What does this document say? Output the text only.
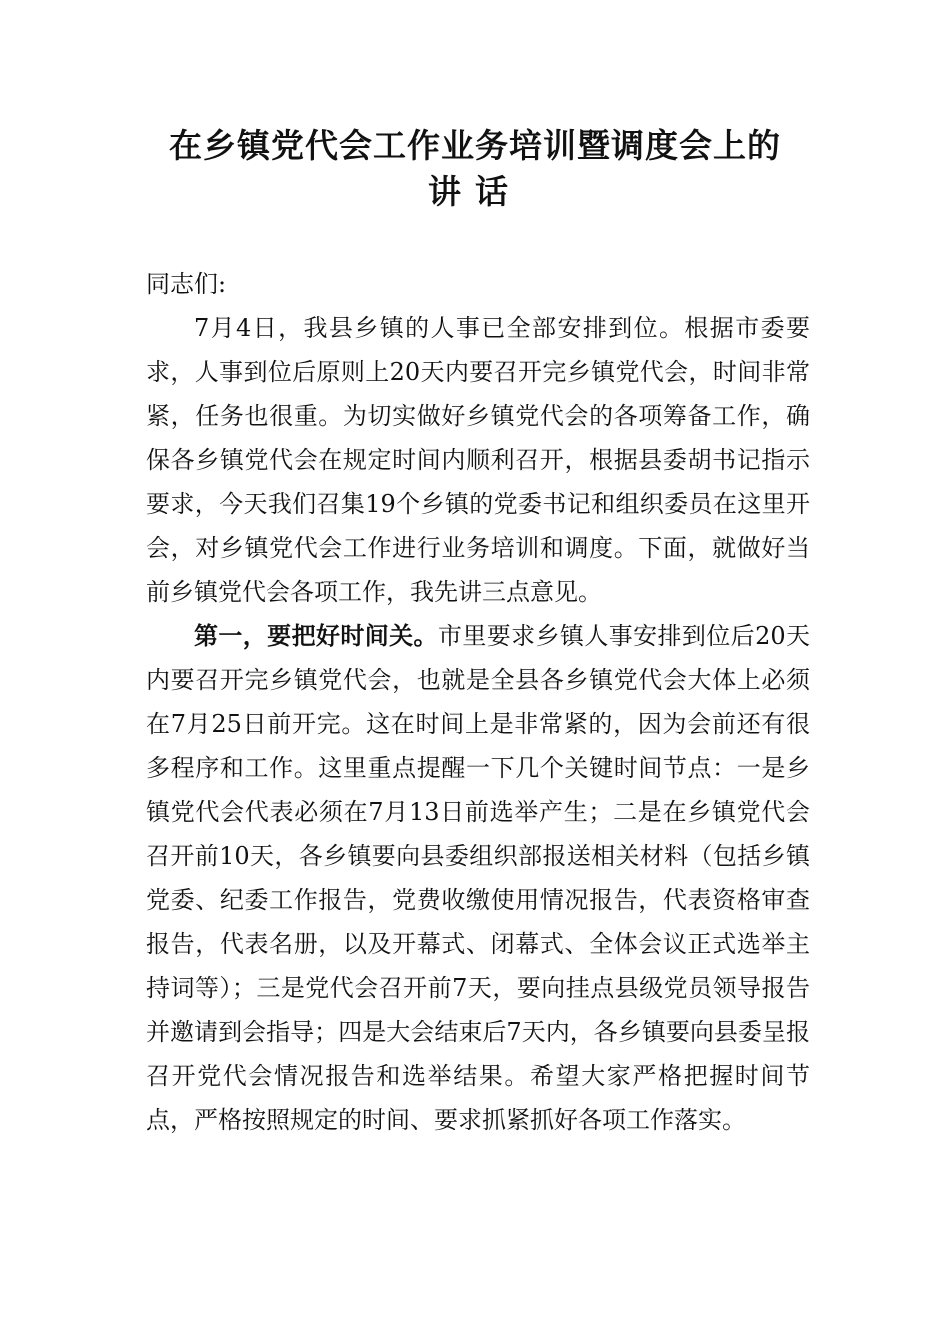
在乡镇党代会工作业务培训暨调度会上的
讲话
同志们:
7月4日，我县乡镇的人事已全部安排到位。根据市委要求，人事到位后原则上20天内要召开完乡镇党代会，时间非常紧，任务也很重。为切实做好乡镇党代会的各项筹备工作，确保各乡镇党代会在规定时间内顺利召开，根据县委胡书记指示要求，今天我们召集19个乡镇的党委书记和组织委员在这里开会，对乡镇党代会工作进行业务培训和调度。下面，就做好当前乡镇党代会各项工作，我先讲三点意见。
第一，要把好时间关。市里要求乡镇人事安排到位后20天内要召开完乡镇党代会，也就是全县各乡镇党代会大体上必须在7月25日前开完。这在时间上是非常紧的，因为会前还有很多程序和工作。这里重点提醒一下几个关键时间节点：一是乡镇党代会代表必须在7月13日前选举产生；二是在乡镇党代会召开前10天，各乡镇要向县委组织部报送相关材料（包括乡镇党委、纪委工作报告，党费收缴使用情况报告，代表资格审查报告，代表名册，以及开幕式、闭幕式、全体会议正式选举主持词等）；三是党代会召开前7天，要向挂点县级党员领导报告并邀请到会指导；四是大会结束后7天内，各乡镇要向县委呈报召开党代会情况报告和选举结果。希望大家严格把握时间节点，严格按照规定的时间、要求抓紧抓好各项工作落实。
